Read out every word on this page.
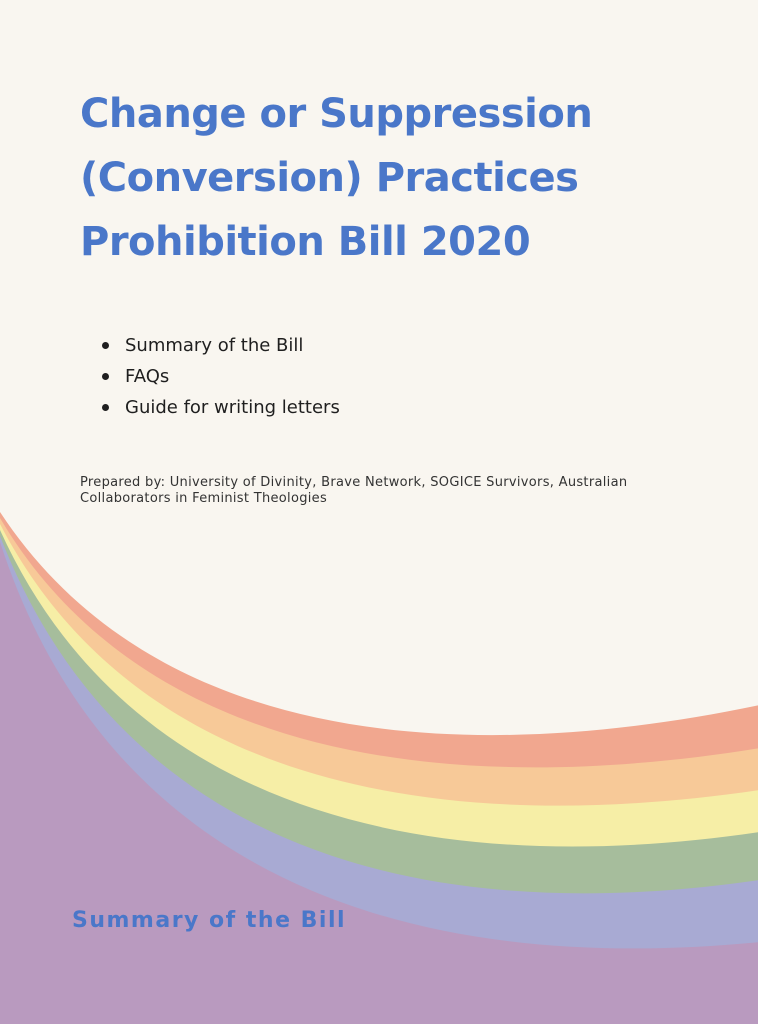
Change or Suppression
(Conversion) Practices
Prohibition Bill 2020
Summary of the Bill
FAQs
Guide for writing letters

Prepared by: University of Divinity, Brave Network, SOGICE Survivors, Australian Collaborators in Feminist Theologies

Summary of the Bill
